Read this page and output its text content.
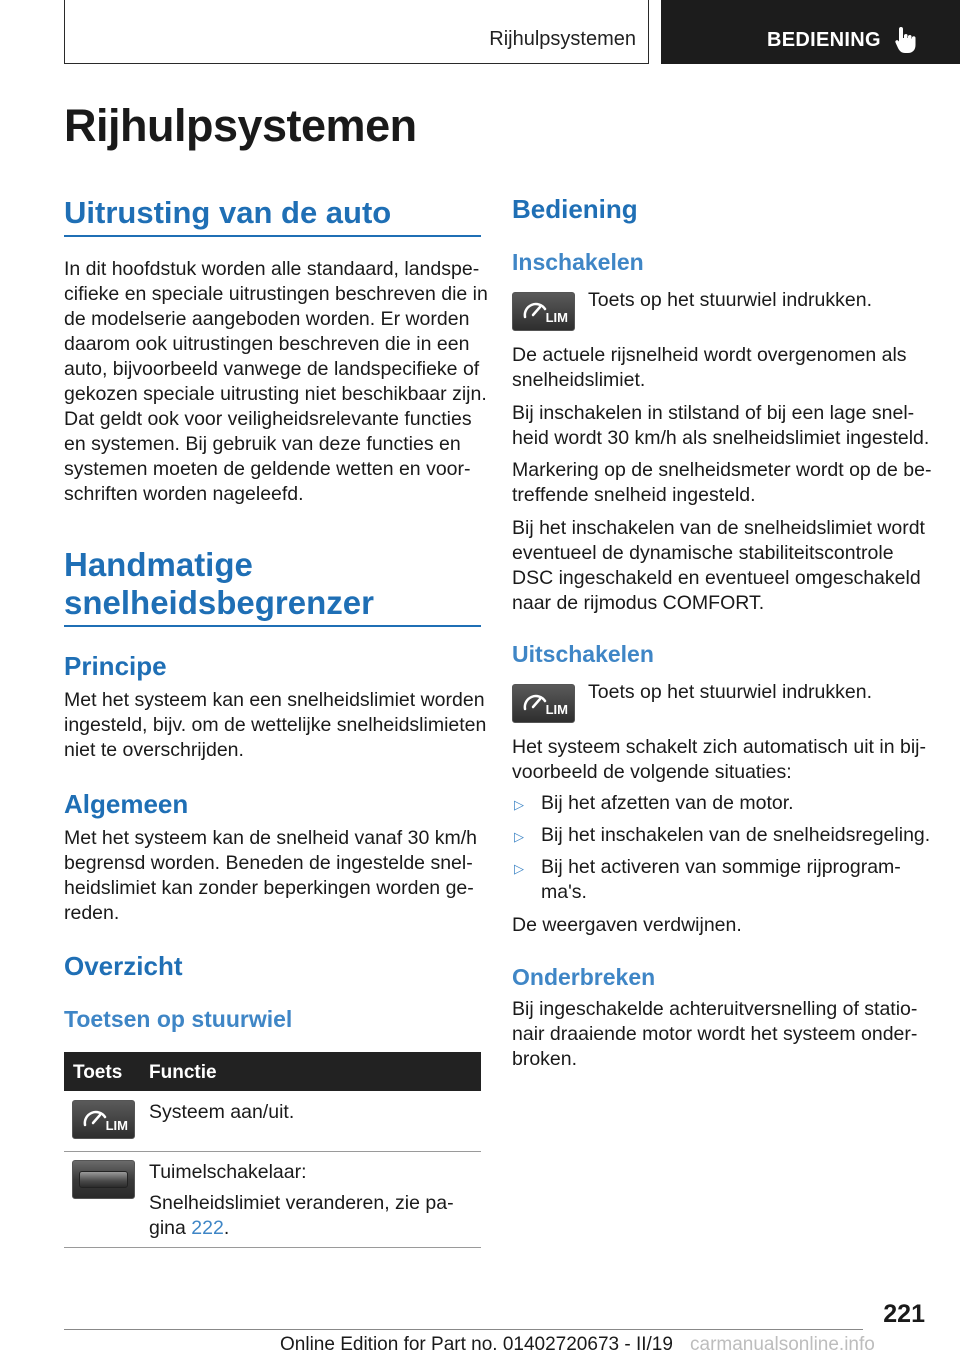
Rijhulpsystemen	BEDIENING
Rijhulpsystemen
Uitrusting van de auto
In dit hoofdstuk worden alle standaard, landspe-
cifieke en speciale uitrustingen beschreven die in
de modelserie aangeboden worden. Er worden
daarom ook uitrustingen beschreven die in een
auto, bijvoorbeeld vanwege de landspecifieke of
gekozen speciale uitrusting niet beschikbaar zijn.
Dat geldt ook voor veiligheidsrelevante functies
en systemen. Bij gebruik van deze functies en
systemen moeten de geldende wetten en voor-
schriften worden nageleefd.
Handmatige
snelheidsbegrenzer
Principe
Met het systeem kan een snelheidslimiet worden
ingesteld, bijv. om de wettelijke snelheidslimieten
niet te overschrijden.
Algemeen
Met het systeem kan de snelheid vanaf 30 km/h
begrensd worden. Beneden de ingestelde snel-
heidslimiet kan zonder beperkingen worden ge-
reden.
Overzicht
Toetsen op stuurwiel
Toets Functie
LIM
Systeem aan/uit.
Tuimelschakelaar:
Snelheidslimiet veranderen, zie pa-
gina 222.
Bediening
Inschakelen
LIM
Toets op het stuurwiel indrukken.
De actuele rijsnelheid wordt overgenomen als
snelheidslimiet.
Bij inschakelen in stilstand of bij een lage snel-
heid wordt 30 km/h als snelheidslimiet ingesteld.
Markering op de snelheidsmeter wordt op de be-
treffende snelheid ingesteld.
Bij het inschakelen van de snelheidslimiet wordt
eventueel de dynamische stabiliteitscontrole
DSC ingeschakeld en eventueel omgeschakeld
naar de rijmodus COMFORT.
Uitschakelen
LIM
Toets op het stuurwiel indrukken.
Het systeem schakelt zich automatisch uit in bij-
voorbeeld de volgende situaties:
▷ Bij het afzetten van de motor.
▷ Bij het inschakelen van de snelheidsregeling.
▷ Bij het activeren van sommige rijprogram-
ma's.
De weergaven verdwijnen.
Onderbreken
Bij ingeschakelde achteruitversnelling of statio-
nair draaiende motor wordt het systeem onder-
broken.
221
Online Edition for Part no. 01402720673 - II/19 carmanualsonline.info
